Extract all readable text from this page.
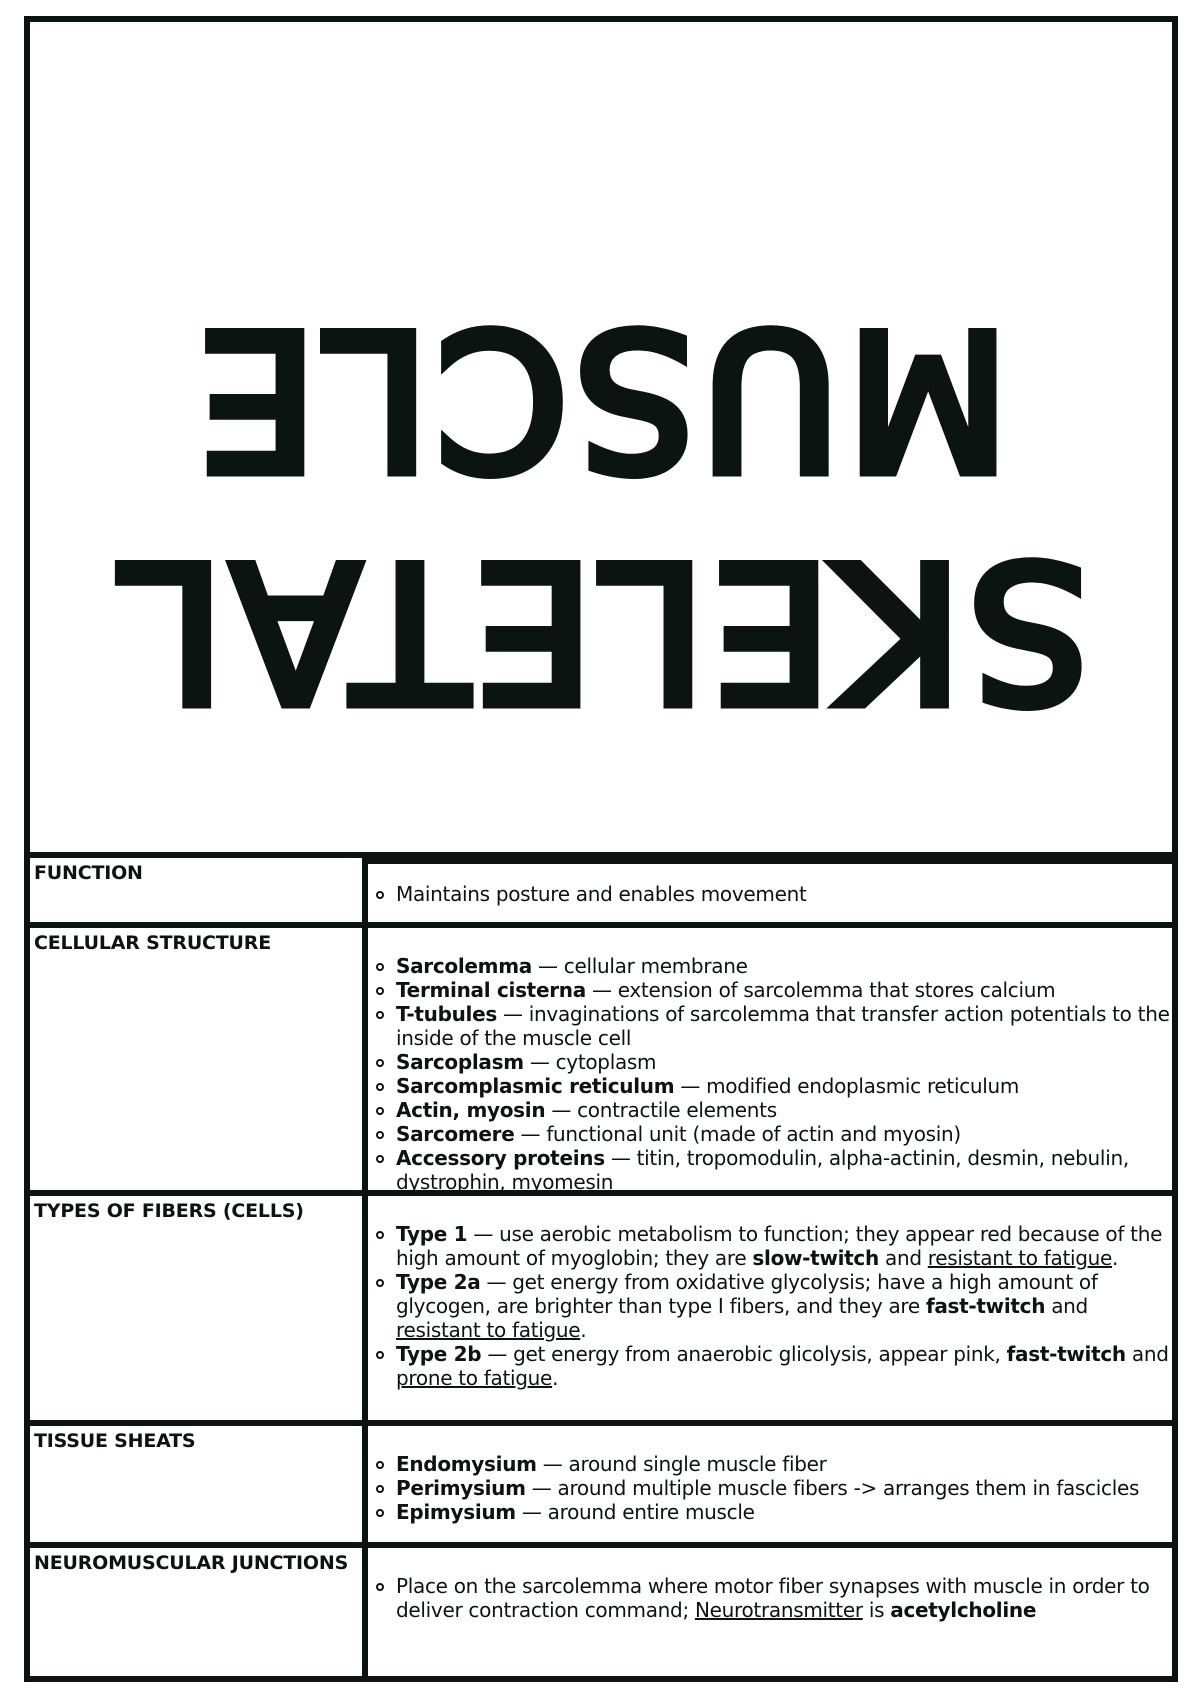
SKELETAL
MUSCLE
FUNCTION
Maintains posture and enables movement
CELLULAR STRUCTURE
Sarcolemma — cellular membrane
Terminal cisterna — extension of sarcolemma that stores calcium
T-tubules — invaginations of sarcolemma that transfer action potentials to the inside of the muscle cell
Sarcoplasm — cytoplasm
Sarcomplasmic reticulum — modified endoplasmic reticulum
Actin, myosin — contractile elements
Sarcomere — functional unit (made of actin and myosin)
Accessory proteins — titin, tropomodulin, alpha-actinin, desmin, nebulin, dystrophin, myomesin
TYPES OF FIBERS (CELLS)
Type 1 — use aerobic metabolism to function; they appear red because of the high amount of myoglobin; they are slow-twitch and resistant to fatigue.
Type 2a — get energy from oxidative glycolysis; have a high amount of glycogen, are brighter than type I fibers, and they are fast-twitch and resistant to fatigue.
Type 2b — get energy from anaerobic glicolysis, appear pink, fast-twitch and prone to fatigue.
TISSUE SHEATS
Endomysium — around single muscle fiber
Perimysium — around multiple muscle fibers -> arranges them in fascicles
Epimysium — around entire muscle
NEUROMUSCULAR JUNCTIONS
Place on the sarcolemma where motor fiber synapses with muscle in order to deliver contraction command; Neurotransmitter is acetylcholine
